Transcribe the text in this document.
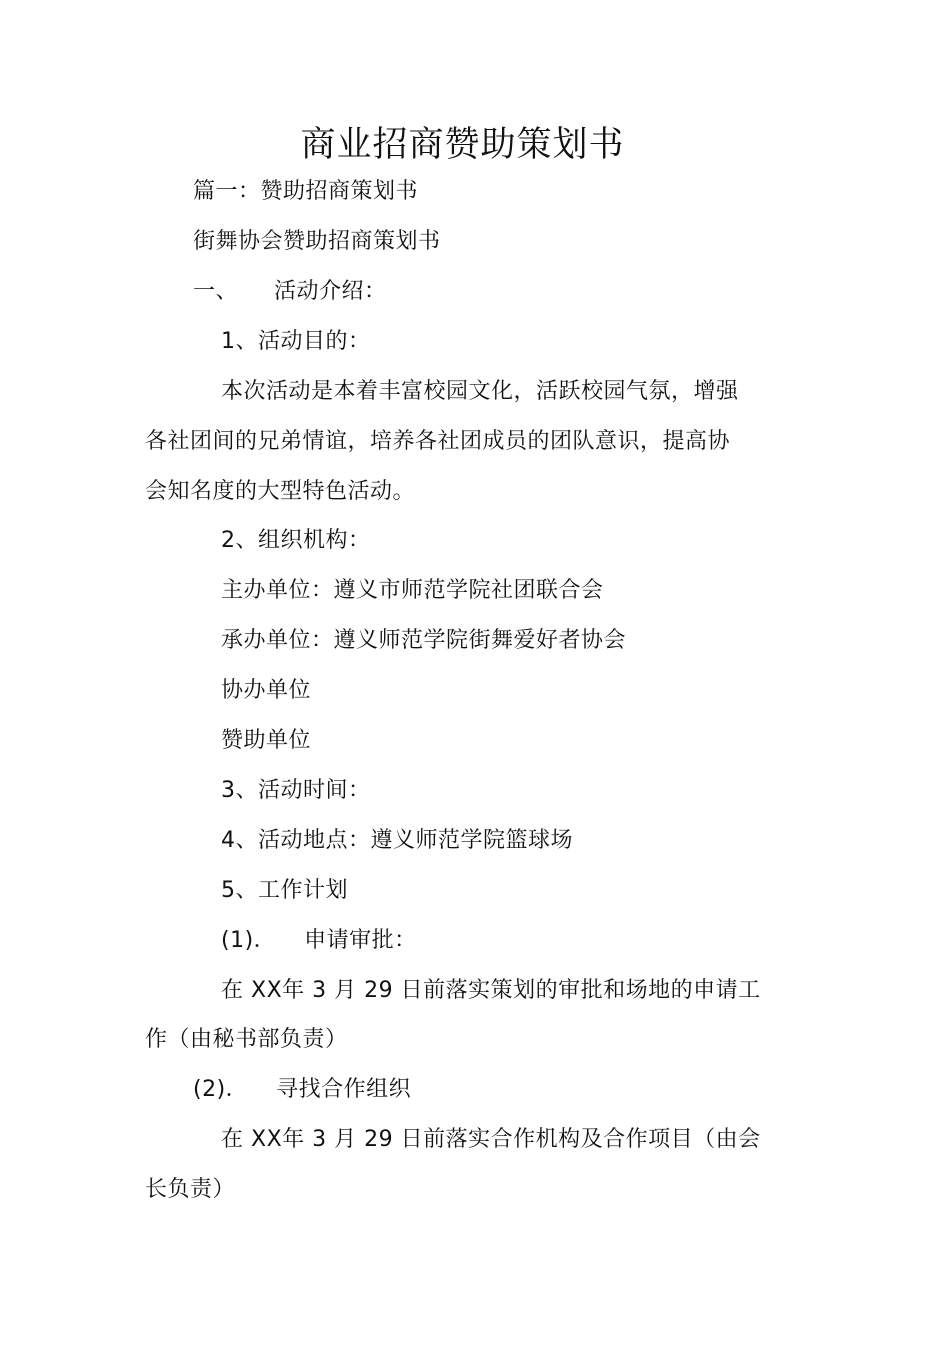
商业招商赞助策划书
篇一：赞助招商策划书
街舞协会赞助招商策划书
一、 活动介绍：
1、活动目的：
本次活动是本着丰富校园文化，活跃校园气氛，增强
各社团间的兄弟情谊，培养各社团成员的团队意识，提高协
会知名度的大型特色活动。
2、组织机构：
主办单位：遵义市师范学院社团联合会
承办单位：遵义师范学院街舞爱好者协会
协办单位
赞助单位
3、活动时间：
4、活动地点：遵义师范学院篮球场
5、工作计划
(1)． 申请审批：
在 XX年 3 月 29 日前落实策划的审批和场地的申请工
作（由秘书部负责）
(2)． 寻找合作组织
在 XX年 3 月 29 日前落实合作机构及合作项目（由会
长负责）
